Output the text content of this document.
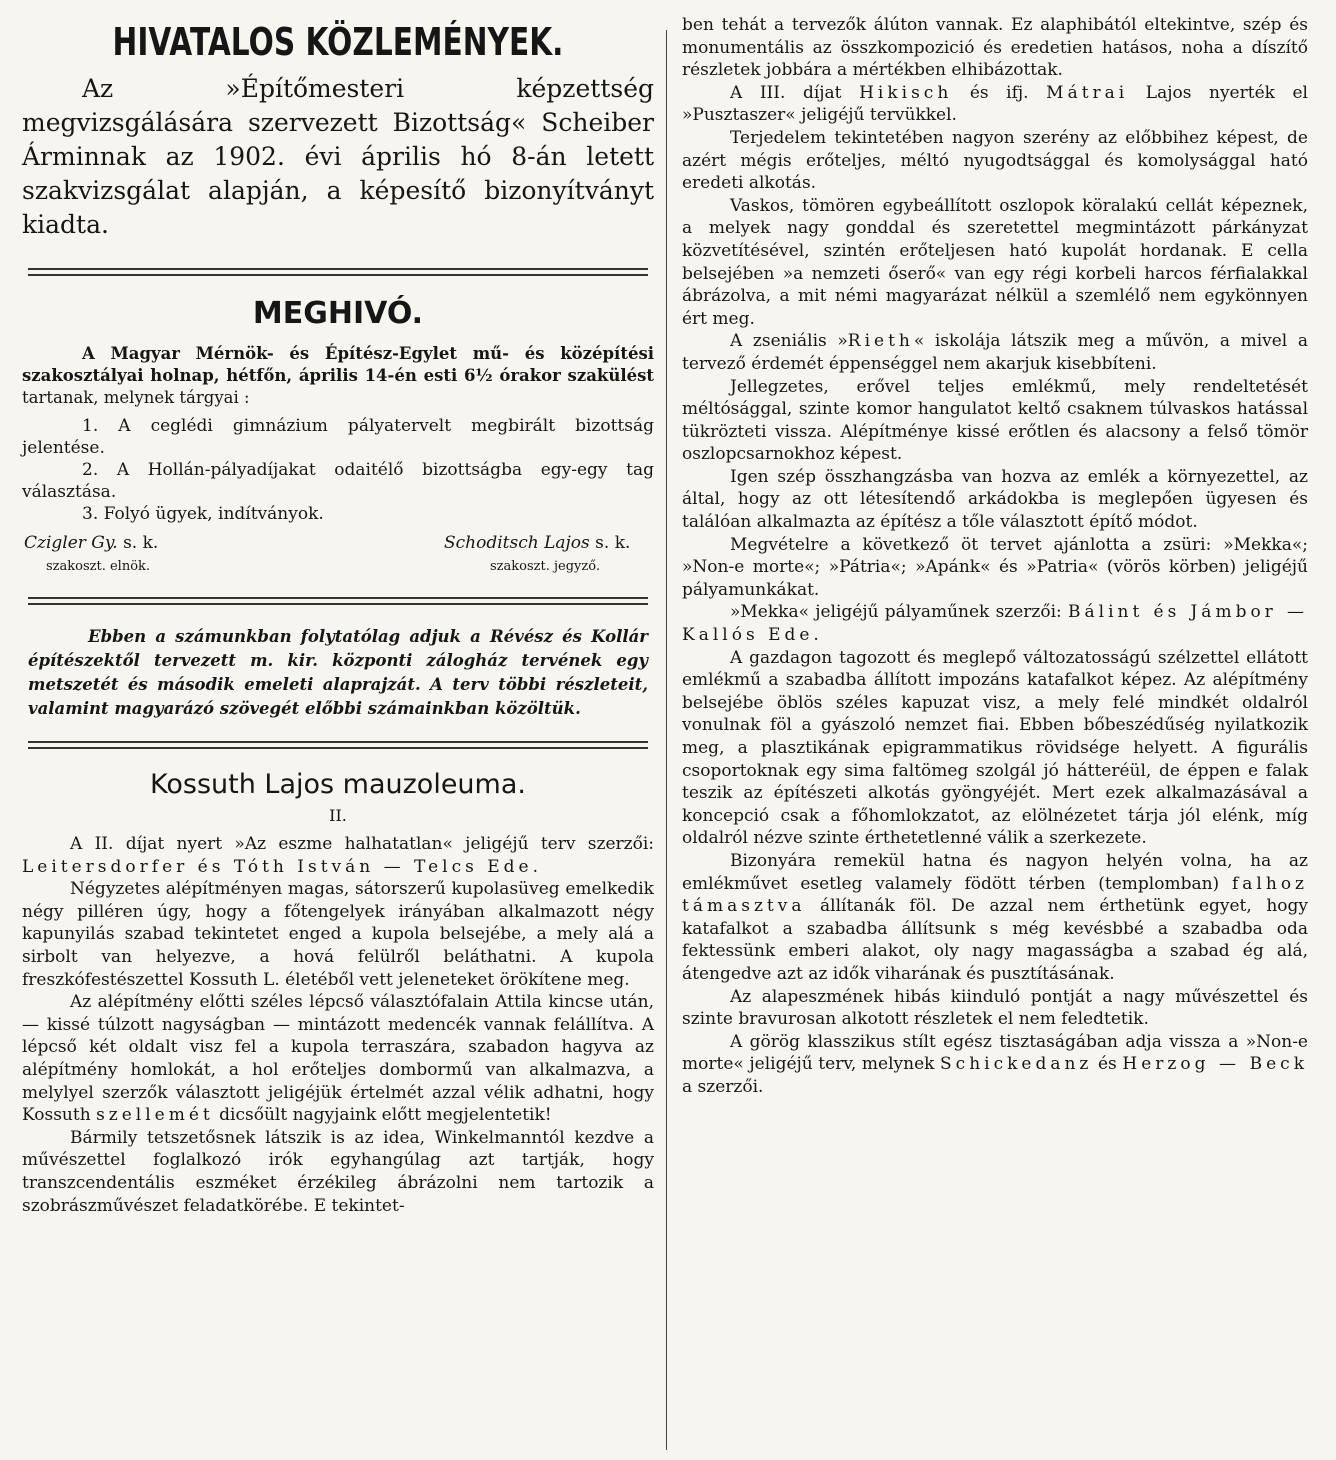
HIVATALOS KÖZLEMÉNYEK.

Az »Építőmesteri képzettség megvizsgálására szervezett Bizottság« Scheiber Árminnak az 1902. évi április hó 8-án letett szakvizsgálat alapján, a képesítő bizonyítványt kiadta.

MEGHIVÓ.

A Magyar Mérnök- és Építész-Egylet mű- és középítési szakosztályai holnap, hétfőn, április 14-én esti 6½ órakor szakülést tartanak, melynek tárgyai :

1. A ceglédi gimnázium pályatervelt megbirált bizottság jelentése.

2. A Hollán-pályadíjakat odaitélő bizottságba egy-egy tag választása.

3. Folyó ügyek, indítványok.

Czigler Gy. s. k.
szakoszt. elnök.
Schoditsch Lajos s. k.
szakoszt. jegyző.

Ebben a számunkban folytatólag adjuk a Révész és Kollár építészektől tervezett m. kir. központi zálogház tervének egy metszetét és második emeleti alaprajzát. A terv többi részleteit, valamint magyarázó szövegét előbbi számainkban közöltük.

Kossuth Lajos mauzoleuma.
II.

A II. díjat nyert »Az eszme halhatatlan« jeligéjű terv szerzői: Leitersdorfer és Tóth István — Telcs Ede.

Négyzetes alépítményen magas, sátorszerű kupolasüveg emelkedik négy pilléren úgy, hogy a főtengelyek irányában alkalmazott négy kapunyilás szabad tekintetet enged a kupola belsejébe, a mely alá a sirbolt van helyezve, a hová felülről beláthatni. A kupola freszkófestészettel Kossuth L. életéből vett jeleneteket örökítene meg.

Az alépítmény előtti széles lépcső választófalain Attila kincse után, — kissé túlzott nagyságban — mintázott medencék vannak felállítva. A lépcső két oldalt visz fel a kupola terraszára, szabadon hagyva az alépítmény homlokát, a hol erőteljes dombormű van alkalmazva, a melylyel szerzők választott jeligéjük értelmét azzal vélik adhatni, hogy Kossuth szellemét dicsőült nagyjaink előtt megjelentetik!

Bármily tetszetősnek látszik is az idea, Winkelmanntól kezdve a művészettel foglalkozó irók egyhangúlag azt tartják, hogy transzcendentális eszméket érzékileg ábrázolni nem tartozik a szobrászművészet feladatkörébe. E tekintet-

ben tehát a tervezők álúton vannak. Ez alaphibától eltekintve, szép és monumentális az összkompozició és eredetien hatásos, noha a díszítő részletek jobbára a mértékben elhibázottak.

A III. díjat Hikisch és ifj. Mátrai Lajos nyerték el »Pusztaszer« jeligéjű tervükkel.

Terjedelem tekintetében nagyon szerény az előbbihez képest, de azért mégis erőteljes, méltó nyugodtsággal és komolysággal ható eredeti alkotás.

Vaskos, tömören egybeállított oszlopok köralakú cellát képeznek, a melyek nagy gonddal és szeretettel megmintázott párkányzat közvetítésével, szintén erőteljesen ható kupolát hordanak. E cella belsejében »a nemzeti őserő« van egy régi korbeli harcos férfialakkal ábrázolva, a mit némi magyarázat nélkül a szemlélő nem egykönnyen ért meg.

A zseniális »Rieth« iskolája látszik meg a művön, a mivel a tervező érdemét éppenséggel nem akarjuk kisebbíteni.

Jellegzetes, erővel teljes emlékmű, mely rendeltetését méltósággal, szinte komor hangulatot keltő csaknem túlvaskos hatással tükrözteti vissza. Alépítménye kissé erőtlen és alacsony a felső tömör oszlopcsarnokhoz képest.

Igen szép összhangzásba van hozva az emlék a környezettel, az által, hogy az ott létesítendő arkádokba is meglepően ügyesen és találóan alkalmazta az építész a tőle választott építő módot.

Megvételre a következő öt tervet ajánlotta a zsüri: »Mekka«; »Non-e morte«; »Pátria«; »Apánk« és »Patria« (vörös körben) jeligéjű pályamunkákat.

»Mekka« jeligéjű pályaműnek szerzői: Bálint és Jámbor — Kallós Ede.

A gazdagon tagozott és meglepő változatosságú szélzettel ellátott emlékmű a szabadba állított impozáns katafalkot képez. Az alépítmény belsejébe öblös széles kapuzat visz, a mely felé mindkét oldalról vonulnak föl a gyászoló nemzet fiai. Ebben bőbeszédűség nyilatkozik meg, a plasztikának epigrammatikus rövidsége helyett. A figurális csoportoknak egy sima faltömeg szolgál jó hátteréül, de éppen e falak teszik az építészeti alkotás gyöngyéjét. Mert ezek alkalmazásával a koncepció csak a főhomlokzatot, az elölnézetet tárja jól elénk, míg oldalról nézve szinte érthetetlenné válik a szerkezete.

Bizonyára remekül hatna és nagyon helyén volna, ha az emlékművet esetleg valamely födött térben (templomban) falhoz támasztva állítanák föl. De azzal nem érthetünk egyet, hogy katafalkot a szabadba állítsunk s még kevésbbé a szabadba oda fektessünk emberi alakot, oly nagy magasságba a szabad ég alá, átengedve azt az idők viharának és pusztításának.

Az alapeszmének hibás kiinduló pontját a nagy művészettel és szinte bravurosan alkotott részletek el nem feledtetik.

A görög klasszikus stílt egész tisztaságában adja vissza a »Non-e morte« jeligéjű terv, melynek Schickedanz és Herzog — Beck a szerzői.
